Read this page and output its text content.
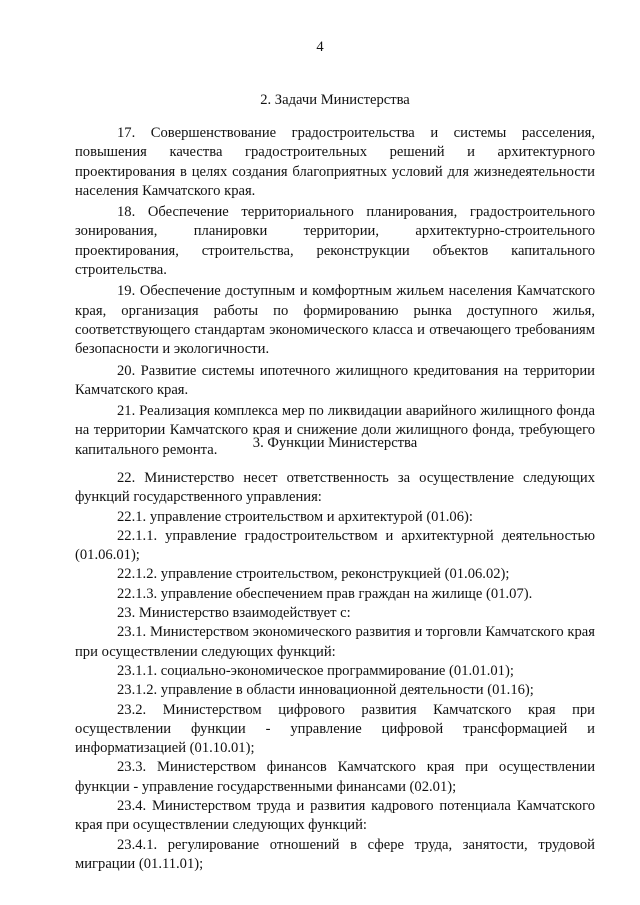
4
2. Задачи Министерства

17. Совершенствование градостроительства и системы расселения, повышения качества градостроительных решений и архитектурного проектирования в целях создания благоприятных условий для жизнедеятельности населения Камчатского края.

18. Обеспечение территориального планирования, градостроительного зонирования, планировки территории, архитектурно-строительного проектирования, строительства, реконструкции объектов капитального строительства.

19. Обеспечение доступным и комфортным жильем населения Камчатского края, организация работы по формированию рынка доступного жилья, соответствующего стандартам экономического класса и отвечающего требованиям безопасности и экологичности.

20. Развитие системы ипотечного жилищного кредитования на территории Камчатского края.

21. Реализация комплекса мер по ликвидации аварийного жилищного фонда на территории Камчатского края и снижение доли жилищного фонда, требующего капитального ремонта.	3. Функции Министерства

22. Министерство несет ответственность за осуществление следующих функций государственного управления:

22.1. управление строительством и архитектурой (01.06):

22.1.1. управление градостроительством и архитектурной деятельностью (01.06.01);

22.1.2. управление строительством, реконструкцией (01.06.02);

22.1.3. управление обеспечением прав граждан на жилище (01.07).

23. Министерство взаимодействует с:

23.1. Министерством экономического развития и торговли Камчатского края при осуществлении следующих функций:

23.1.1. социально-экономическое программирование (01.01.01);

23.1.2. управление в области инновационной деятельности (01.16);

23.2. Министерством цифрового развития Камчатского края при осуществлении функции - управление цифровой трансформацией и информатизацией (01.10.01);

23.3. Министерством финансов Камчатского края при осуществлении функции - управление государственными финансами (02.01);

23.4. Министерством труда и развития кадрового потенциала Камчатского края при осуществлении следующих функций:

23.4.1. регулирование отношений в сфере труда, занятости, трудовой миграции (01.11.01);
